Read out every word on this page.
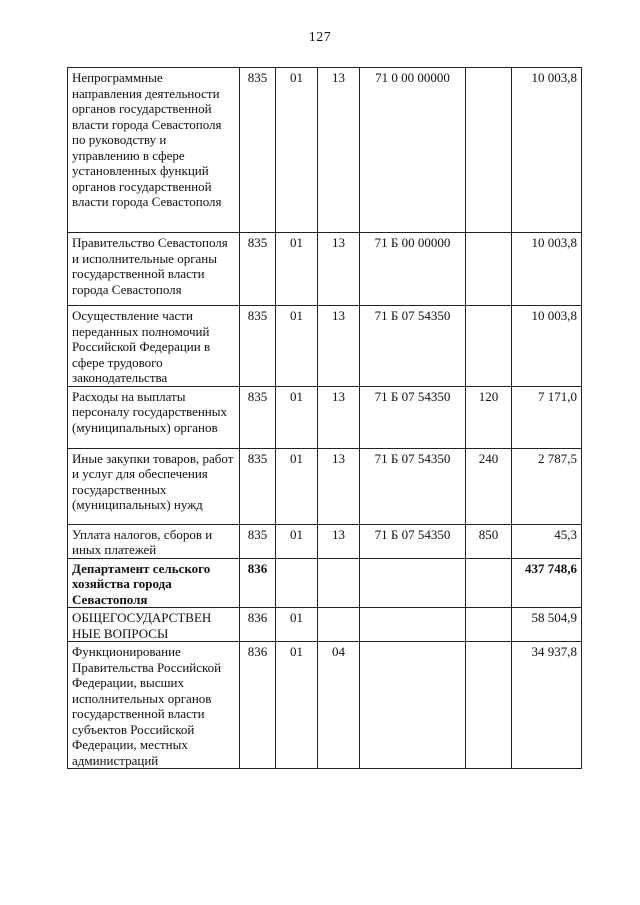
127
Непрограммные направления деятельности органов государственной власти города Севастополя по руководству и управлению в сфере установленных функций органов государственной власти города Севастополя	835	01	13	71 0 00 00000		10 003,8
Правительство Севастополя и исполнительные органы государственной власти города Севастополя	835	01	13	71 Б 00 00000		10 003,8
Осуществление части переданных полномочий Российской Федерации в сфере трудового законодательства	835	01	13	71 Б 07 54350		10 003,8
Расходы на выплаты персоналу государственных (муниципальных) органов	835	01	13	71 Б 07 54350	120	7 171,0
Иные закупки товаров, работ и услуг для обеспечения государственных (муниципальных) нужд	835	01	13	71 Б 07 54350	240	2 787,5
Уплата налогов, сборов и иных платежей	835	01	13	71 Б 07 54350	850	45,3
Департамент сельского хозяйства города Севастополя	836					437 748,6
ОБЩЕГОСУДАРСТВЕН НЫЕ ВОПРОСЫ	836	01				58 504,9
Функционирование Правительства Российской Федерации, высших исполнительных органов государственной власти субъектов Российской Федерации, местных администраций	836	01	04			34 937,8
